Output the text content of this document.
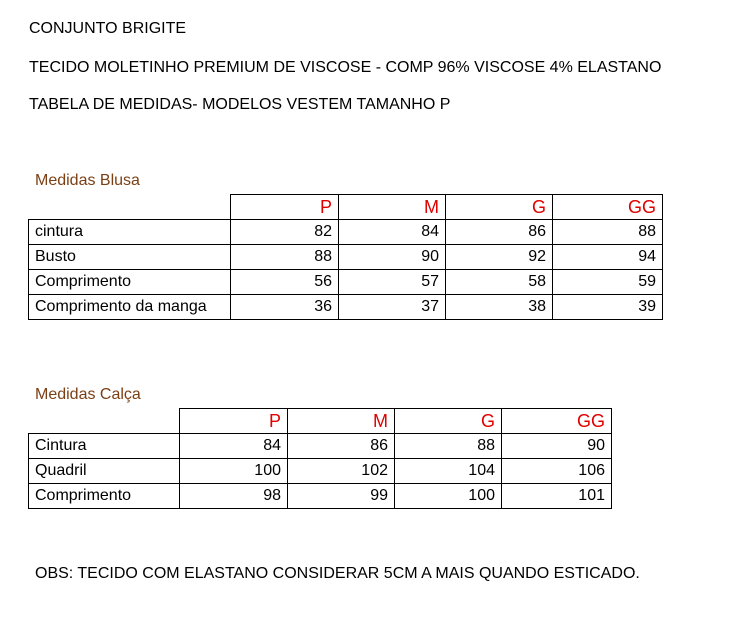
CONJUNTO BRIGITE
TECIDO MOLETINHO PREMIUM DE VISCOSE - COMP 96% VISCOSE 4% ELASTANO
TABELA DE MEDIDAS- MODELOS VESTEM TAMANHO P
Medidas Blusa
	P	M	G	GG
cintura	82	84	86	88
Busto	88	90	92	94
Comprimento	56	57	58	59
Comprimento da manga	36	37	38	39
Medidas Calça
	P	M	G	GG
Cintura	84	86	88	90
Quadril	100	102	104	106
Comprimento	98	99	100	101
OBS: TECIDO COM ELASTANO CONSIDERAR 5CM A MAIS QUANDO ESTICADO.
